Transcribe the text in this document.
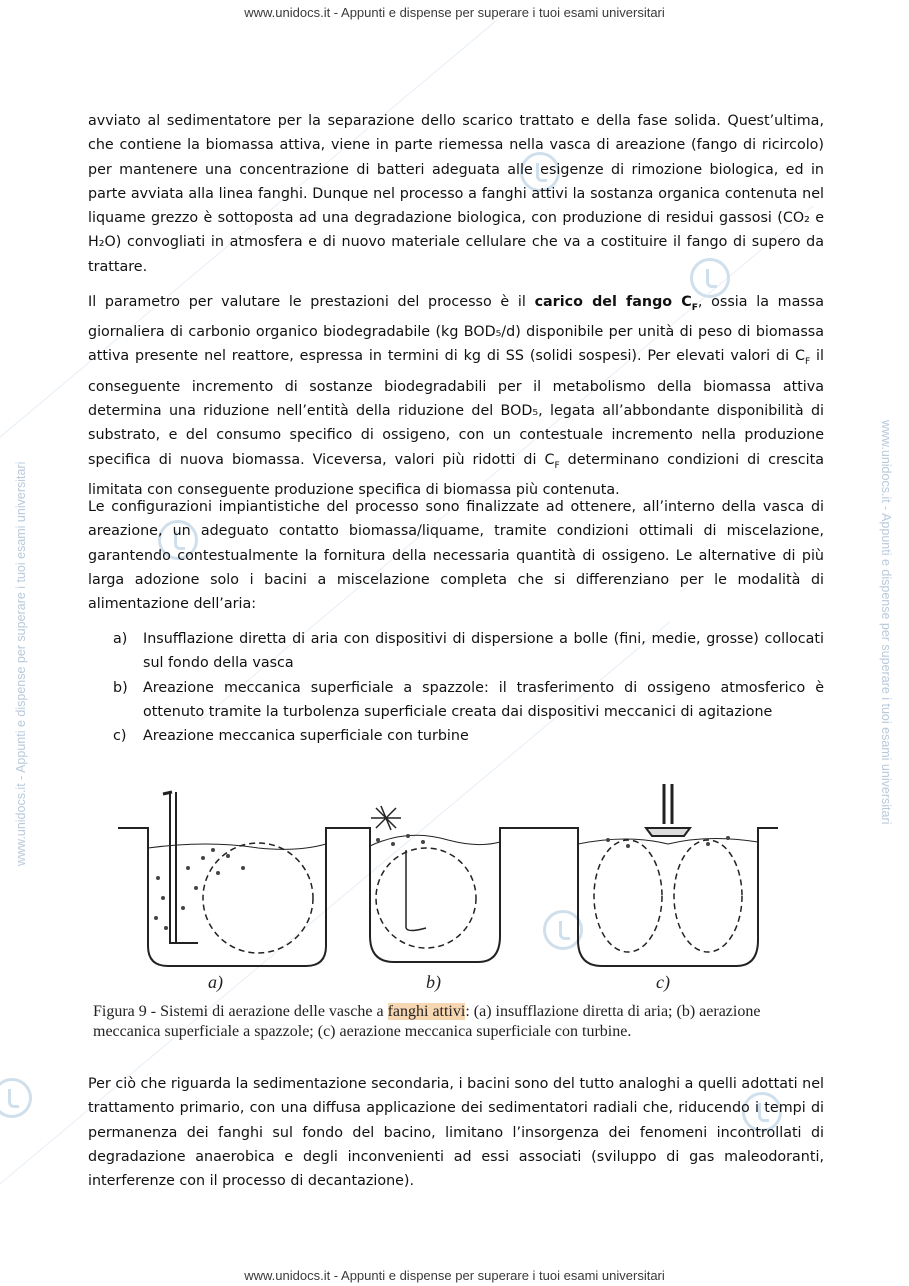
www.unidocs.it - Appunti e dispense per superare i tuoi esami universitari
www.unidocs.it - Appunti e dispense per superare i tuoi esami universitari	www.unidocs.it - Appunti e dispense per superare i tuoi esami universitari

avviato al sedimentatore per la separazione dello scarico trattato e della fase solida. Quest’ultima, che contiene la biomassa attiva, viene in parte riemessa nella vasca di areazione (fango di ricircolo) per mantenere una concentrazione di batteri adeguata alle esigenze di rimozione biologica, ed in parte avviata alla linea fanghi. Dunque nel processo a fanghi attivi la sostanza organica contenuta nel liquame grezzo è sottoposta ad una degradazione biologica, con produzione di residui gassosi (CO₂ e H₂O) convogliati in atmosfera e di nuovo materiale cellulare che va a costituire il fango di supero da trattare.

Il parametro per valutare le prestazioni del processo è il carico del fango $C_F$, ossia la massa giornaliera di carbonio organico biodegradabile (kg BOD₅/d) disponibile per unità di peso di biomassa attiva presente nel reattore, espressa in termini di kg di SS (solidi sospesi). Per elevati valori di $C_F$ il conseguente incremento di sostanze biodegradabili per il metabolismo della biomassa attiva determina una riduzione nell’entità della riduzione del BOD₅, legata all’abbondante disponibilità di substrato, e del consumo specifico di ossigeno, con un contestuale incremento nella produzione specifica di nuova biomassa. Viceversa, valori più ridotti di $C_F$ determinano condizioni di crescita limitata con conseguente produzione specifica di biomassa più contenuta.

Le configurazioni impiantistiche del processo sono finalizzate ad ottenere, all’interno della vasca di areazione, un adeguato contatto biomassa/liquame, tramite condizioni ottimali di miscelazione, garantendo contestualmente la fornitura della necessaria quantità di ossigeno. Le alternative di più larga adozione solo i bacini a miscelazione completa che si differenziano per le modalità di alimentazione dell’aria:

a) Insufflazione diretta di aria con dispositivi di dispersione a bolle (fini, medie, grosse) collocati sul fondo della vasca
b) Areazione meccanica superficiale a spazzole: il trasferimento di ossigeno atmosferico è ottenuto tramite la turbolenza superficiale creata dai dispositivi meccanici di agitazione
c) Areazione meccanica superficiale con turbine
a)	b)	c)
Figura 9 - Sistemi di aerazione delle vasche a fanghi attivi: (a) insufflazione diretta di aria; (b) aerazione meccanica superficiale a spazzole; (c) aerazione meccanica superficiale con turbine.

Per ciò che riguarda la sedimentazione secondaria, i bacini sono del tutto analoghi a quelli adottati nel trattamento primario, con una diffusa applicazione dei sedimentatori radiali che, riducendo i tempi di permanenza dei fanghi sul fondo del bacino, limitano l’insorgenza dei fenomeni incontrollati di degradazione anaerobica e degli inconvenienti ad essi associati (sviluppo di gas maleodoranti, interferenze con il processo di decantazione).

www.unidocs.it - Appunti e dispense per superare i tuoi esami universitari
